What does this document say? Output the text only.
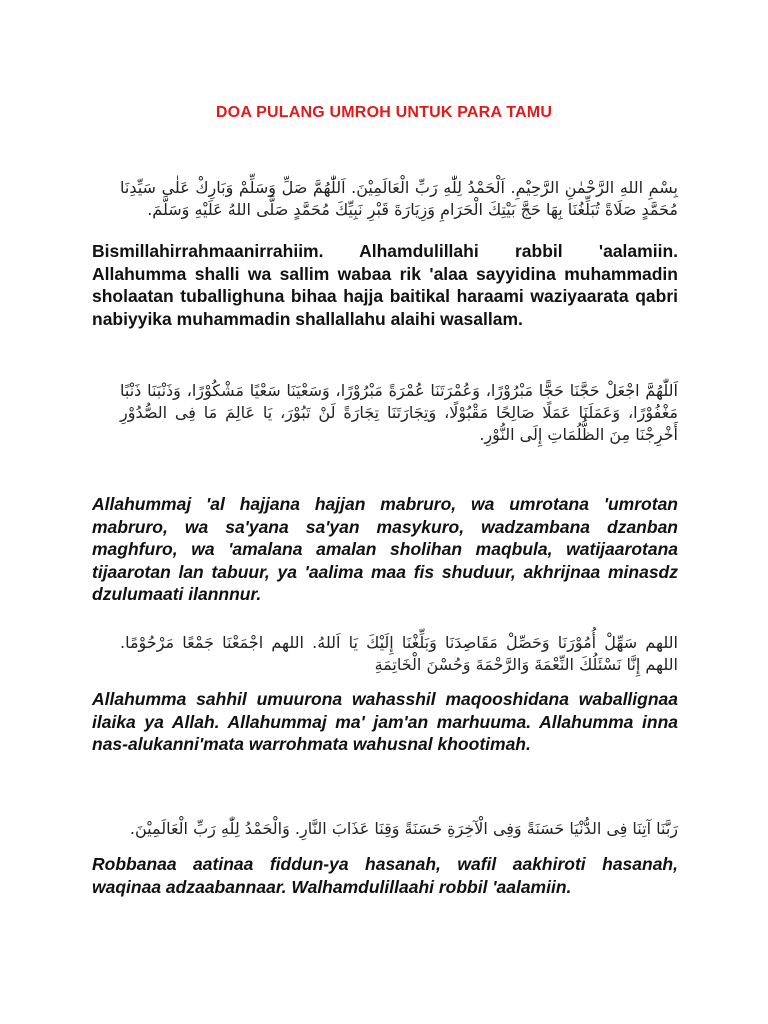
DOA PULANG UMROH UNTUK PARA TAMU
بِسْمِ اللهِ الرَّحْمٰنِ الرَّحِيْمِ. اَلْحَمْدُ لِلّٰهِ رَبِّ الْعَالَمِيْنَ. اَللّٰهُمَّ صَلِّ وَسَلِّمْ وَبَارِكْ عَلٰى سَيِّدِنَا مُحَمَّدٍ صَلَاةً تُبَلِّغُنَا بِهَا حَجَّ بَيْتِكَ الْحَرَامِ وَزِيَارَةَ قَبْرِ نَبِيِّكَ مُحَمَّدٍ صَلَّى اللهُ عَلَيْهِ وَسَلَّمَ.
Bismillahirrahmaanirrahiim. Alhamdulillahi rabbil 'aalamiin. Allahumma shalli wa sallim wabaa rik 'alaa sayyidina muhammadin sholaatan tuballighuna bihaa hajja baitikal haraami waziyaarata qabri nabiyyika muhammadin shallallahu alaihi wasallam.
اَللّٰهُمَّ اجْعَلْ حَجَّنَا حَجًّا مَبْرُوْرًا، وَعُمْرَتَنَا عُمْرَةً مَبْرُوْرًا، وَسَعْيَنَا سَعْيًا مَشْكُوْرًا، وَذَنْبَنَا ذَنْبًا مَغْفُوْرًا، وَعَمَلَنَا عَمَلًا صَالِحًا مَقْبُوْلًا، وَتِجَارَتَنَا تِجَارَةً لَنْ تَبُوْرَ، يَا عَالِمَ مَا فِى الصُّدُوْرِ أَخْرِجْنَا مِنَ الظُّلُمَاتِ إِلَى النُّوْرِ.
Allahummaj 'al hajjana hajjan mabruro, wa umrotana 'umrotan mabruro, wa sa'yana sa'yan masykuro, wadzambana dzanban maghfuro, wa 'amalana amalan sholihan maqbula, watijaarotana tijaarotan lan tabuur, ya 'aalima maa fis shuduur, akhrijnaa minasdz dzulumaati ilannnur.
اللهم سَهِّلْ أُمُوْرَنَا وَحَصِّلْ مَقَاصِدَنَا وَبَلِّغْنَا إِلَيْكَ يَا اَللهُ. اللهم اجْمَعْنَا جَمْعًا مَرْحُوْمًا. اللهم إِنَّا نَسْئَلُكَ النِّعْمَةَ وَالرَّحْمَةَ وَحُسْنَ الْخَاتِمَةِ
Allahumma sahhil umuurona wahasshil maqooshidana waballignaa ilaika ya Allah. Allahummaj ma' jam'an marhuuma. Allahumma inna nas-alukanni'mata warrohmata wahusnal khootimah.
رَبَّنَا آتِنَا فِى الدُّنْيَا حَسَنَةً وَفِى الْآخِرَةِ حَسَنَةً وَقِنَا عَذَابَ النَّارِ. وَالْحَمْدُ لِلّٰهِ رَبِّ الْعَالَمِيْنَ.
Robbanaa aatinaa fiddun-ya hasanah, wafil aakhiroti hasanah, waqinaa adzaabannaar. Walhamdulillaahi robbil 'aalamiin.
